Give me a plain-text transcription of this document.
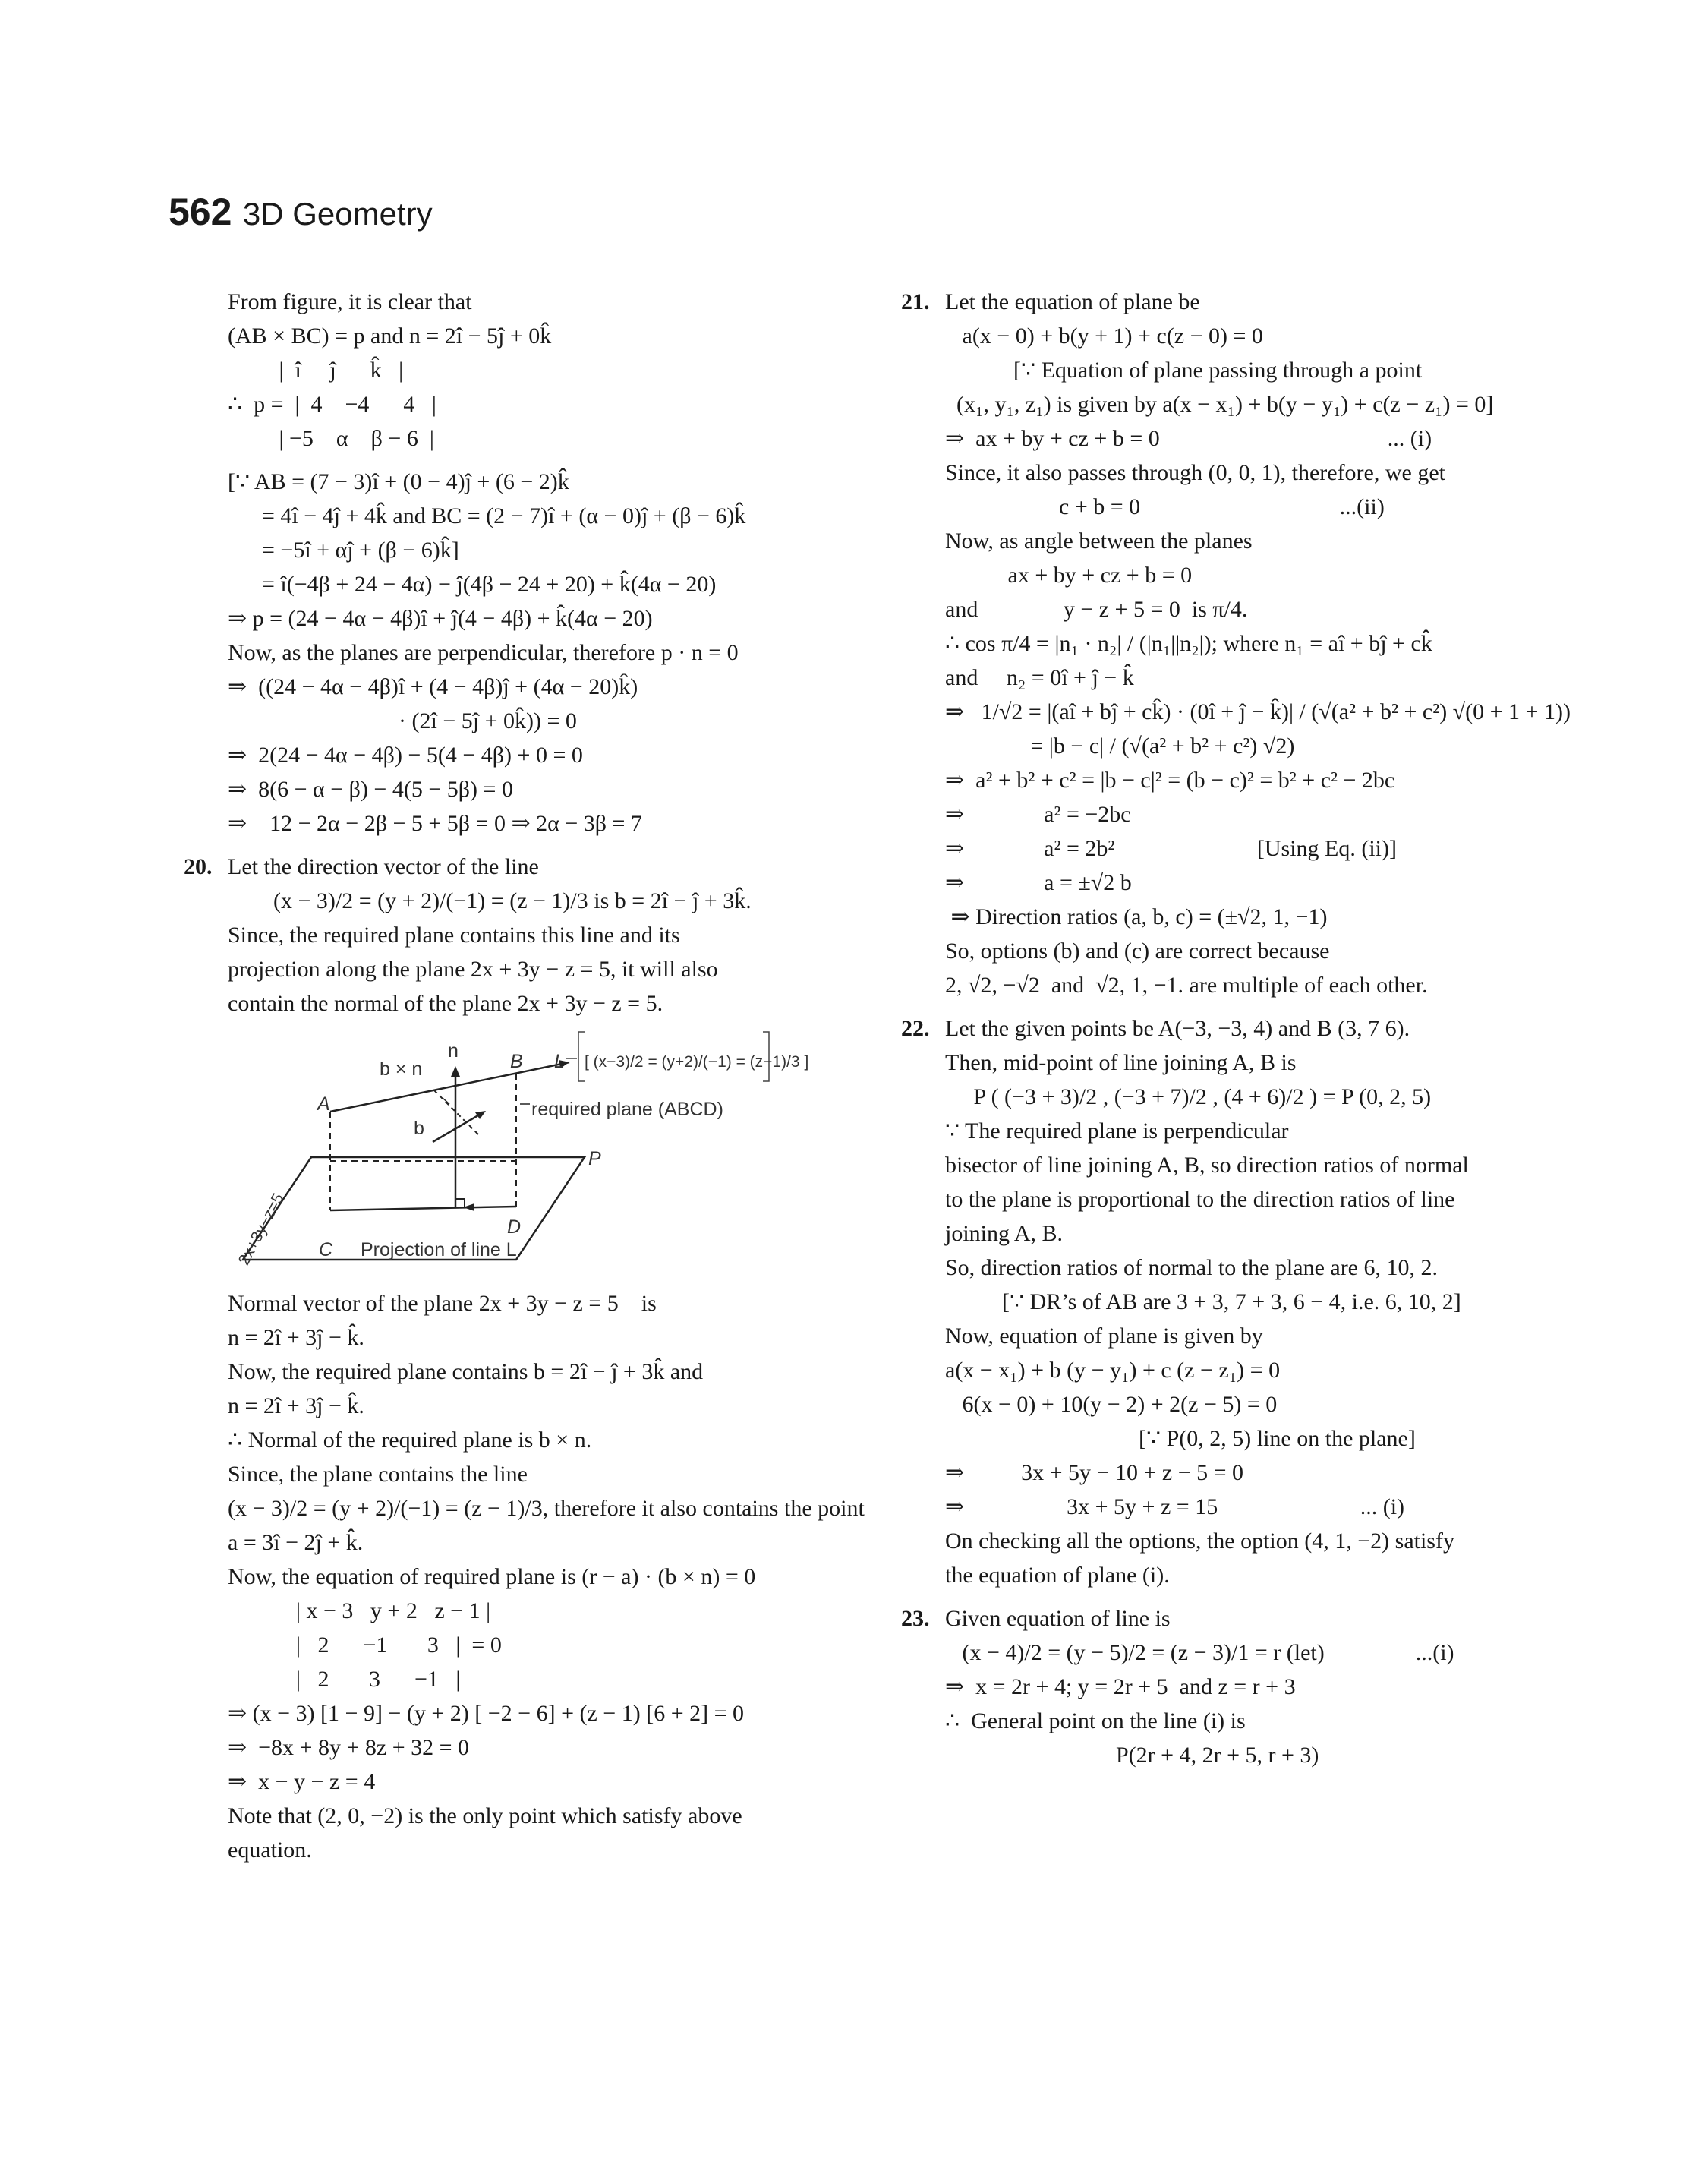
562 3D Geometry
From figure, it is clear that
(AB × BC) = p and n = 2î − 5ĵ + 0k̂
|  î     ĵ      k̂   |
∴  p =  |  4    −4      4   |
| −5    α    β − 6  |
[∵ AB = (7 − 3)î + (0 − 4)ĵ + (6 − 2)k̂
= 4î − 4ĵ + 4k̂ and BC = (2 − 7)î + (α − 0)ĵ + (β − 6)k̂
= −5î + αĵ + (β − 6)k̂]
= î(−4β + 24 − 4α) − ĵ(4β − 24 + 20) + k̂(4α − 20)
⇒ p = (24 − 4α − 4β)î + ĵ(4 − 4β) + k̂(4α − 20)
Now, as the planes are perpendicular, therefore p · n = 0
⇒  ((24 − 4α − 4β)î + (4 − 4β)ĵ + (4α − 20)k̂)
· (2î − 5ĵ + 0k̂)) = 0
⇒  2(24 − 4α − 4β) − 5(4 − 4β) + 0 = 0
⇒  8(6 − α − β) − 4(5 − 5β) = 0
⇒    12 − 2α − 2β − 5 + 5β = 0 ⇒ 2α − 3β = 7
20. Let the direction vector of the line
(x − 3)/2 = (y + 2)/(−1) = (z − 1)/3 is b = 2î − ĵ + 3k̂.
Since, the required plane contains this line and its
projection along the plane 2x + 3y − z = 5, it will also
contain the normal of the plane 2x + 3y − z = 5.
b × n
n	B L [ (x−3)/2 = (y+2)/(−1) = (z−1)/3 ]
A
b
required plane (ABCD)
P
D
C Projection of line L
2x+3y−z=5
Normal vector of the plane 2x + 3y − z = 5    is
n = 2î + 3ĵ − k̂.
Now, the required plane contains b = 2î − ĵ + 3k̂ and
n = 2î + 3ĵ − k̂.
∴ Normal of the required plane is b × n.
Since, the plane contains the line
(x − 3)/2 = (y + 2)/(−1) = (z − 1)/3, therefore it also contains the point
a = 3î − 2ĵ + k̂.
Now, the equation of required plane is (r − a) · (b × n) = 0
| x − 3   y + 2   z − 1 |
|   2      −1       3   |  = 0
|   2       3      −1   |
⇒ (x − 3) [1 − 9] − (y + 2) [ −2 − 6] + (z − 1) [6 + 2] = 0
⇒  −8x + 8y + 8z + 32 = 0
⇒  x − y − z = 4
Note that (2, 0, −2) is the only point which satisfy above
equation.
21. Let the equation of plane be
a(x − 0) + b(y + 1) + c(z − 0) = 0
[∵ Equation of plane passing through a point
(x₁, y₁, z₁) is given by a(x − x₁) + b(y − y₁) + c(z − z₁) = 0]
⇒  ax + by + cz + b = 0                                        ... (i)
Since, it also passes through (0, 0, 1), therefore, we get
c + b = 0                                   ...(ii)
Now, as angle between the planes
ax + by + cz + b = 0
and               y − z + 5 = 0  is π/4.
∴ cos π/4 = |n₁ · n₂| / (|n₁||n₂|); where n₁ = aî + bĵ + ck̂
and     n₂ = 0î + ĵ − k̂
⇒   1/√2 = |(aî + bĵ + ck̂) · (0î + ĵ − k̂)| / (√(a² + b² + c²) √(0 + 1 + 1))
= |b − c| / (√(a² + b² + c²) √2)
⇒  a² + b² + c² = |b − c|² = (b − c)² = b² + c² − 2bc
⇒              a² = −2bc
⇒              a² = 2b²                         [Using Eq. (ii)]
⇒              a = ±√2 b
⇒ Direction ratios (a, b, c) = (±√2, 1, −1)
So, options (b) and (c) are correct because
2, √2, −√2  and  √2, 1, −1. are multiple of each other.
22. Let the given points be A(−3, −3, 4) and B (3, 7 6).
Then, mid-point of line joining A, B is
P ( (−3 + 3)/2 , (−3 + 7)/2 , (4 + 6)/2 ) = P (0, 2, 5)
∵ The required plane is perpendicular
bisector of line joining A, B, so direction ratios of normal
to the plane is proportional to the direction ratios of line
joining A, B.
So, direction ratios of normal to the plane are 6, 10, 2.
[∵ DR’s of AB are 3 + 3, 7 + 3, 6 − 4, i.e. 6, 10, 2]
Now, equation of plane is given by
a(x − x₁) + b (y − y₁) + c (z − z₁) = 0
6(x − 0) + 10(y − 2) + 2(z − 5) = 0
[∵ P(0, 2, 5) line on the plane]
⇒          3x + 5y − 10 + z − 5 = 0
⇒                  3x + 5y + z = 15                         ... (i)
On checking all the options, the option (4, 1, −2) satisfy
the equation of plane (i).
23. Given equation of line is
(x − 4)/2 = (y − 5)/2 = (z − 3)/1 = r (let)                ...(i)
⇒  x = 2r + 4; y = 2r + 5  and z = r + 3
∴  General point on the line (i) is
P(2r + 4, 2r + 5, r + 3)
